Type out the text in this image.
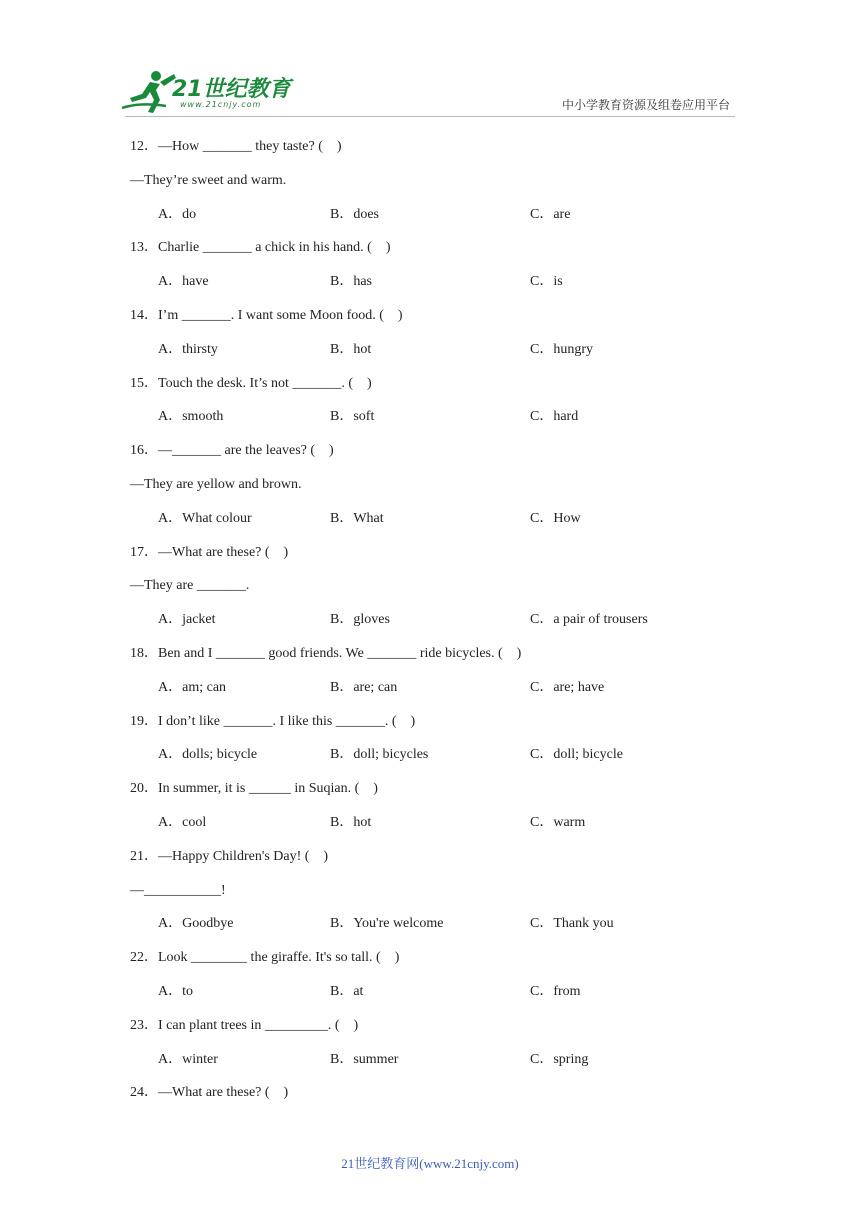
21世纪教育
www.21cnjy.com	中小学教育资源及组卷应用平台
12．—How _______ they taste? (　)
—They’re sweet and warm.
A．do	B．does	C．are
13．Charlie _______ a chick in his hand. (　)
A．have	B．has	C．is
14．I’m _______. I want some Moon food. (　)
A．thirsty	B．hot	C．hungry
15．Touch the desk. It’s not _______. (　)
A．smooth	B．soft	C．hard
16．—_______ are the leaves? (　)
—They are yellow and brown.
A．What colour	B．What	C．How
17．—What are these? (　)
—They are _______.
A．jacket	B．gloves	C．a pair of trousers
18．Ben and I _______ good friends. We _______ ride bicycles. (　)
A．am; can	B．are; can	C．are; have
19．I don’t like _______. I like this _______. (　)
A．dolls; bicycle	B．doll; bicycles	C．doll; bicycle
20．In summer, it is ______ in Suqian. (　)
A．cool	B．hot	C．warm
21．—Happy Children's Day! (　)
—___________!
A．Goodbye	B．You're welcome	C．Thank you
22．Look ________ the giraffe. It's so tall. (　)
A．to	B．at	C．from
23．I can plant trees in _________. (　)
A．winter	B．summer	C．spring
24．—What are these? (　)
21世纪教育网(www.21cnjy.com)
